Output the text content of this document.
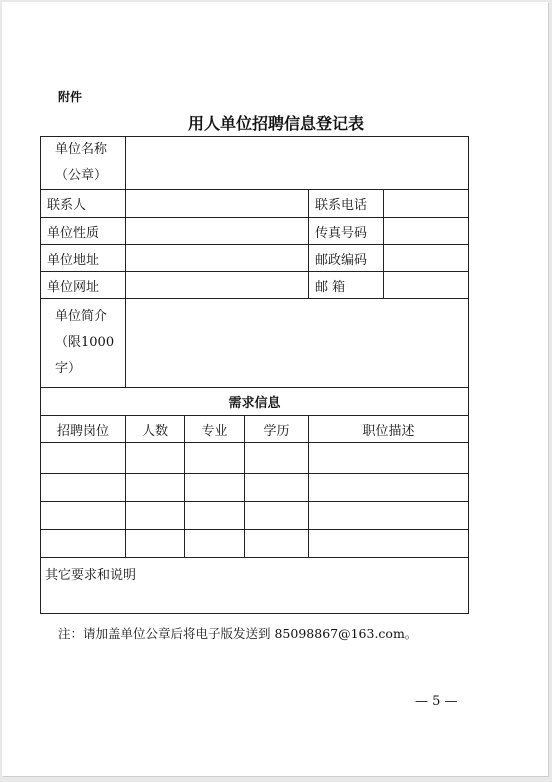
附件
用人单位招聘信息登记表
单位名称
（公章）					

联系人				联系电话	
单位性质				传真号码	
单位地址				邮政编码	
单位网址				邮 箱	

单位简介
（限1000
字）					

需求信息					
招聘岗位	人数	专业	学历	职位描述	

其它要求和说明					
注：请加盖单位公章后将电子版发送到 85098867@163.com。
— 5 —
